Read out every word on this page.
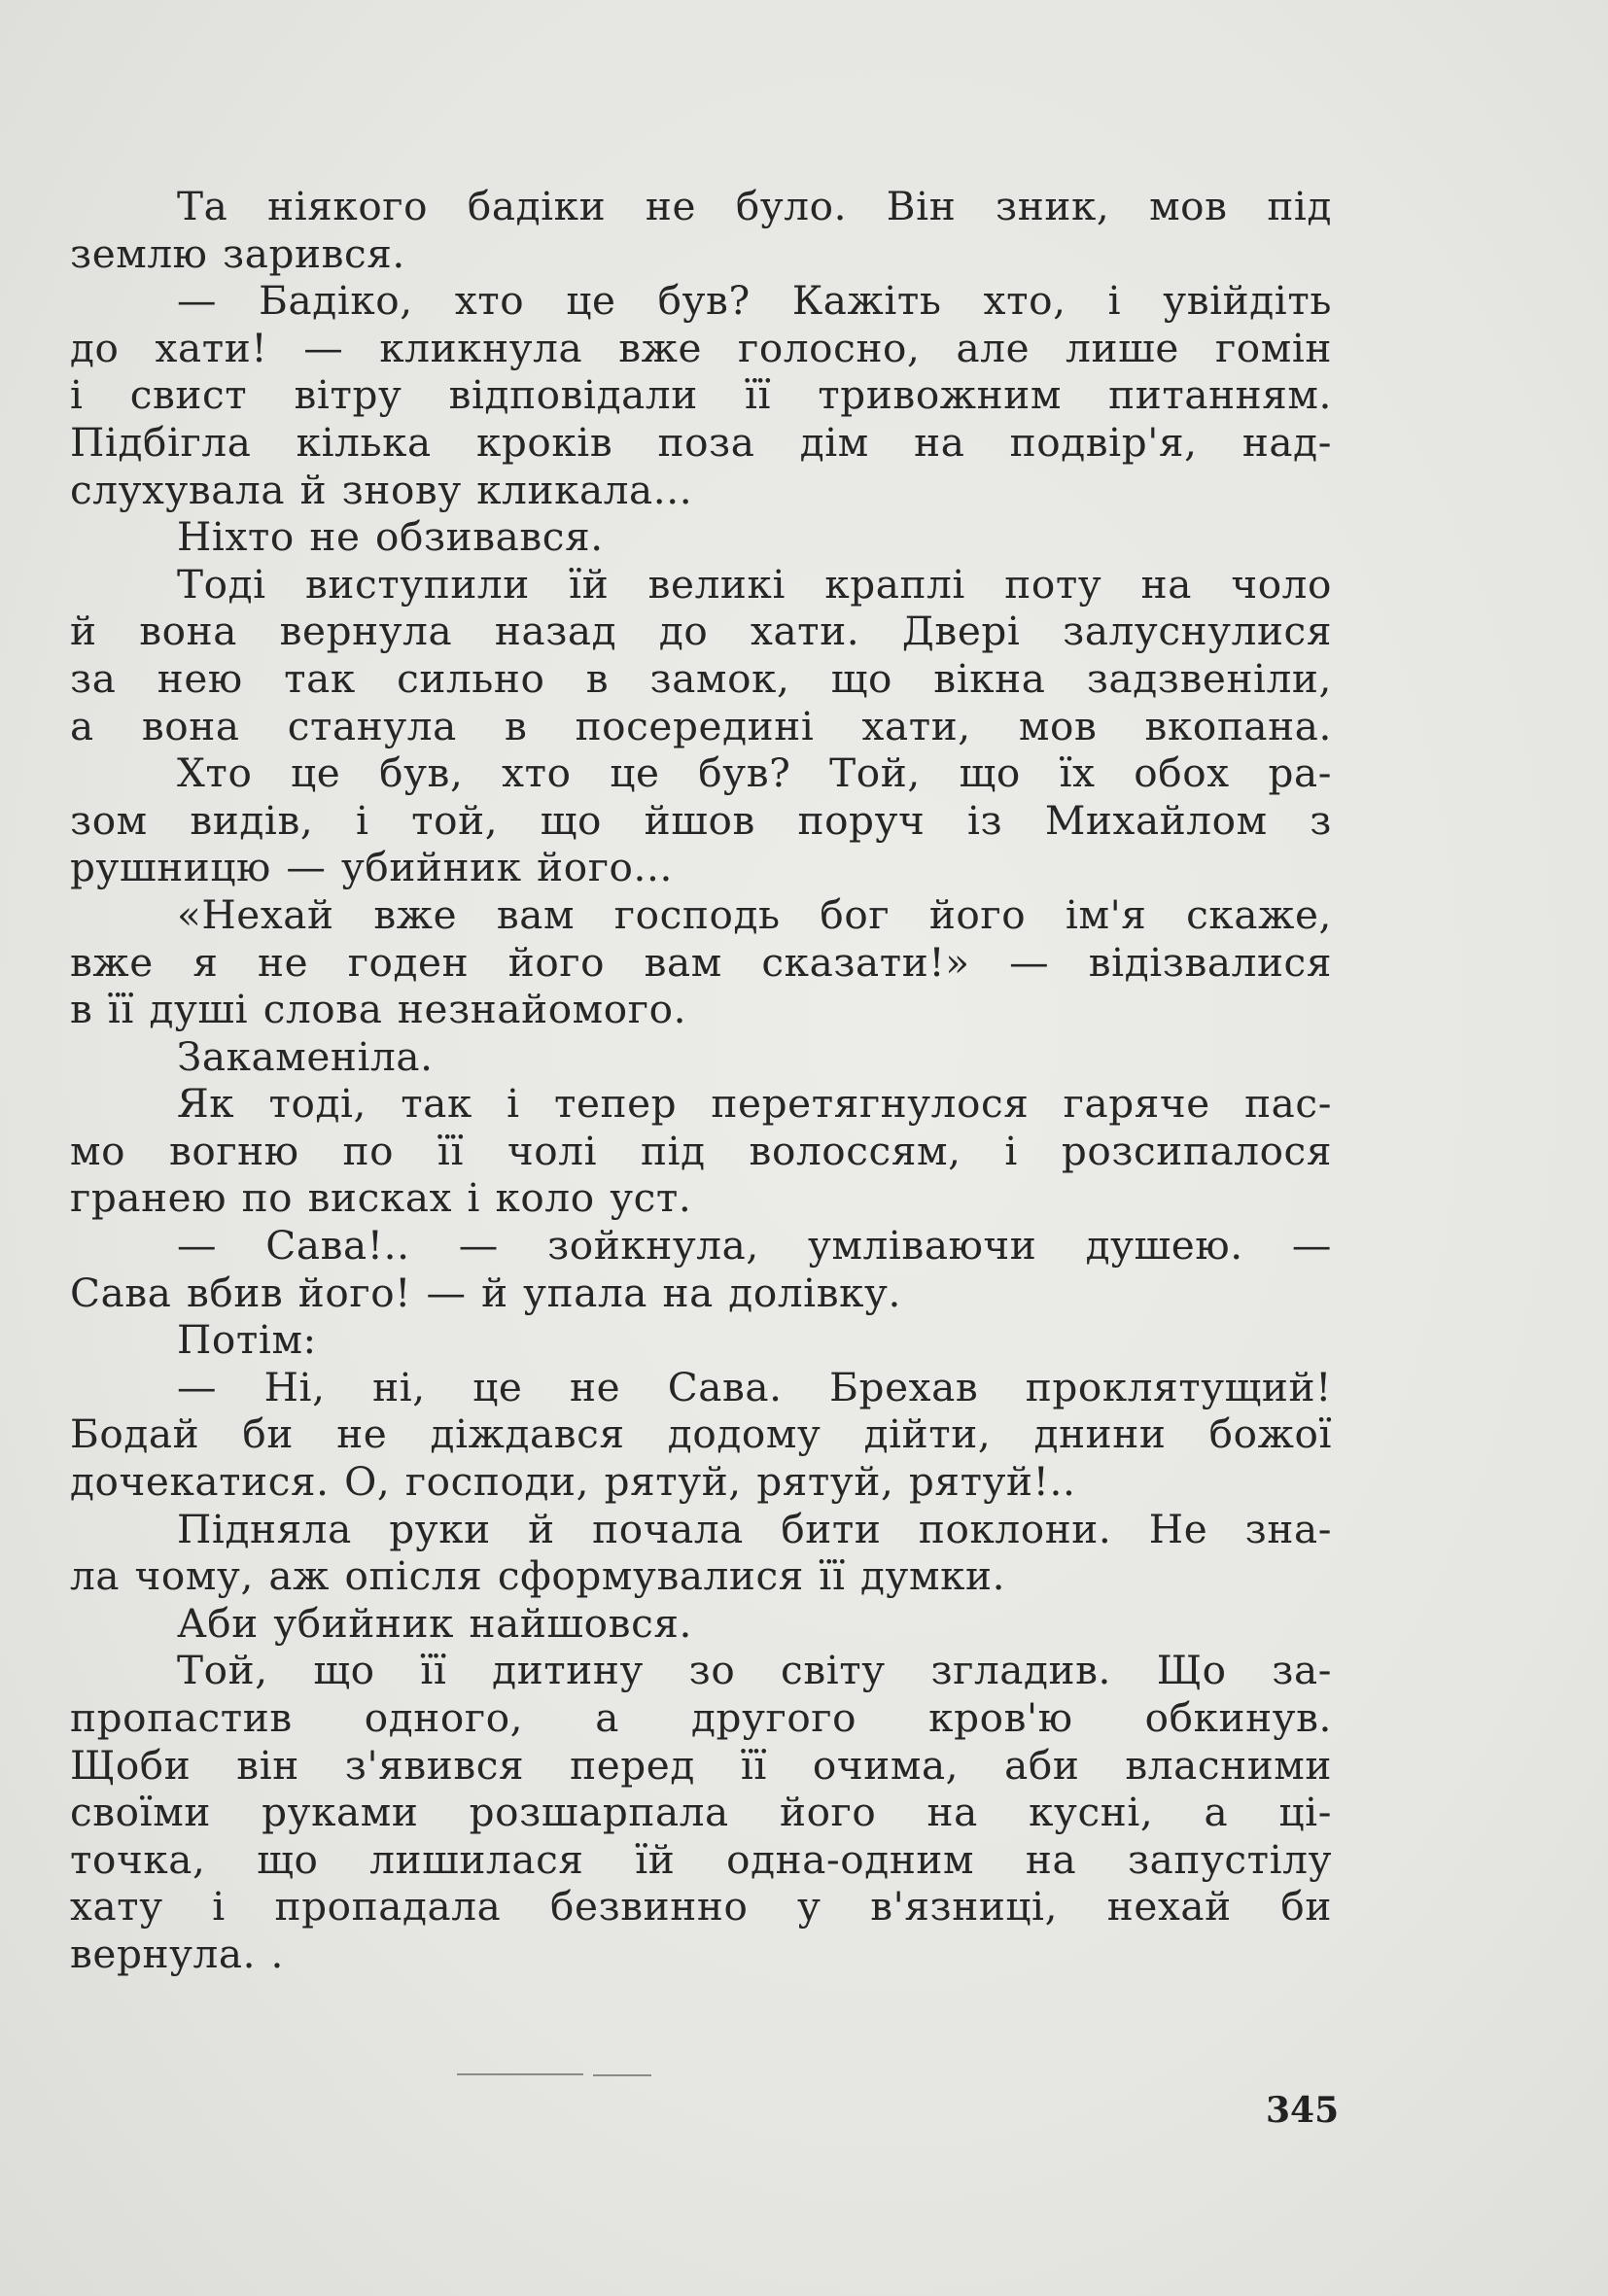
Та ніякого бадіки не було. Він зник, мов під
землю зарився.
— Бадіко, хто це був? Кажіть хто, і увійдіть
до хати! — кликнула вже голосно, але лише гомін
і свист вітру відповідали її тривожним питанням.
Підбігла кілька кроків поза дім на подвір'я, над-
слухувала й знову кликала...
Ніхто не обзивався.
Тоді виступили їй великі краплі поту на чоло
й вона вернула назад до хати. Двері залуснулися
за нею так сильно в замок, що вікна задзвеніли,
а вона станула в посередині хати, мов вкопана.
Хто це був, хто це був? Той, що їх обох ра-
зом видів, і той, що йшов поруч із Михайлом з
рушницю — убийник його...
«Нехай вже вам господь бог його ім'я скаже,
вже я не годен його вам сказати!» — відізвалися
в її душі слова незнайомого.
Закаменіла.
Як тоді, так і тепер перетягнулося гаряче пас-
мо вогню по її чолі під волоссям, і розсипалося
гранею по висках і коло уст.
— Сава!.. — зойкнула, умліваючи душею. —
Сава вбив його! — й упала на долівку.
Потім:
— Ні, ні, це не Сава. Брехав проклятущий!
Бодай би не діждався додому дійти, днини божої
дочекатися. О, господи, рятуй, рятуй, рятуй!..
Підняла руки й почала бити поклони. Не зна-
ла чому, аж опісля сформувалися її думки.
Аби убийник найшовся.
Той, що її дитину зо світу згладив. Що за-
пропастив одного, а другого кров'ю обкинув.
Щоби він з'явився перед її очима, аби власними
своїми руками розшарпала його на кусні, а ці-
точка, що лишилася їй одна-одним на запустілу
хату і пропадала безвинно у в'язниці, нехай би
вернула. .
345
